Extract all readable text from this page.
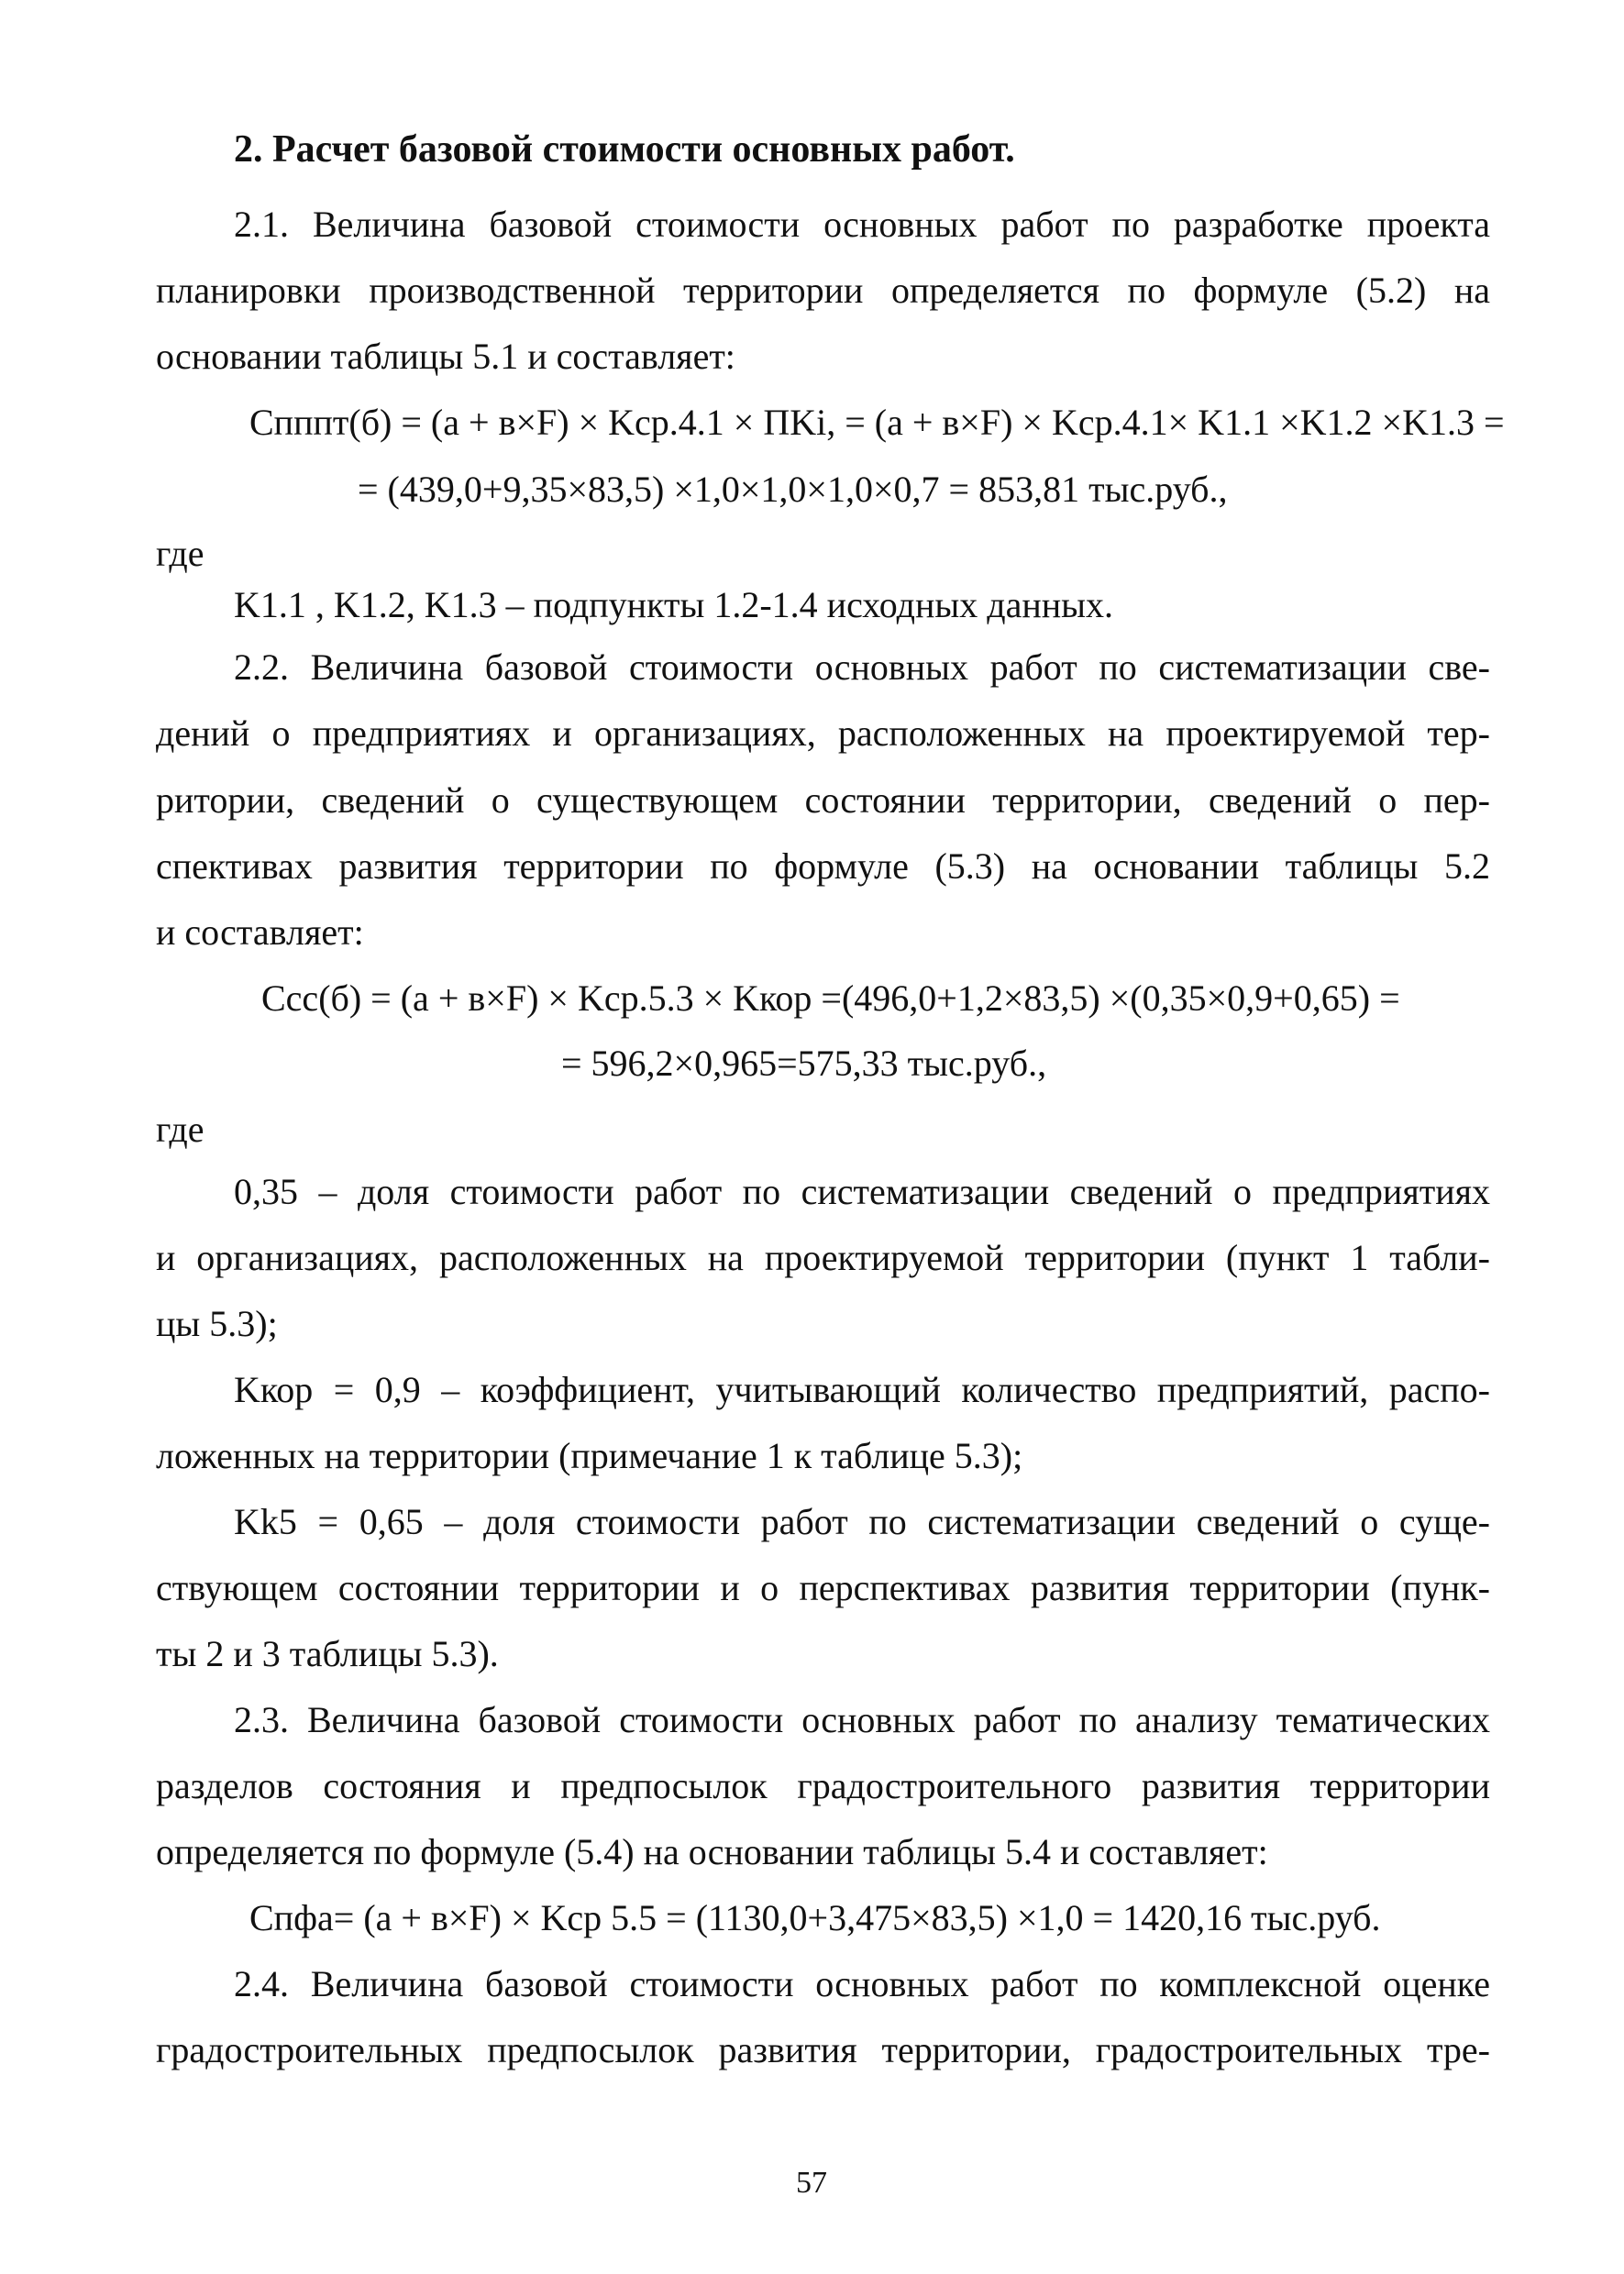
2. Расчет базовой стоимости основных работ.
2.1. Величина базовой стоимости основных работ по разработке проекта
планировки производственной территории определяется по формуле (5.2) на
основании таблицы 5.1 и составляет:
Cпппт(б) = (a + в×F) × Kср.4.1 × ПKi, = (a + в×F) × Kср.4.1× K1.1 ×K1.2 ×K1.3 =
= (439,0+9,35×83,5) ×1,0×1,0×1,0×0,7 = 853,81 тыс.руб.,
где
K1.1 , K1.2, K1.3 – подпункты 1.2-1.4 исходных данных.
2.2. Величина базовой стоимости основных работ по систематизации све-
дений о предприятиях и организациях, расположенных на проектируемой тер-
ритории, сведений о существующем состоянии территории, сведений о пер-
спективах развития территории по формуле (5.3) на основании таблицы 5.2
и составляет:
Cсс(б) = (a + в×F) × Kср.5.3 × Kкор =(496,0+1,2×83,5) ×(0,35×0,9+0,65) =
= 596,2×0,965=575,33 тыс.руб.,
где
0,35 – доля стоимости работ по систематизации сведений о предприятиях
и организациях, расположенных на проектируемой территории (пункт 1 табли-
цы 5.3);
Kкор = 0,9 – коэффициент, учитывающий количество предприятий, распо-
ложенных на территории (примечание 1 к таблице 5.3);
Kk5 = 0,65 – доля стоимости работ по систематизации сведений о суще-
ствующем состоянии территории и о перспективах развития территории (пунк-
ты 2 и 3 таблицы 5.3).
2.3. Величина базовой стоимости основных работ по анализу тематических
разделов состояния и предпосылок градостроительного развития территории
определяется по формуле (5.4) на основании таблицы 5.4 и составляет:
Cпфа= (a + в×F) × Kср 5.5 = (1130,0+3,475×83,5) ×1,0 = 1420,16 тыс.руб.
2.4. Величина базовой стоимости основных работ по комплексной оценке
градостроительных предпосылок развития территории, градостроительных тре-
57
